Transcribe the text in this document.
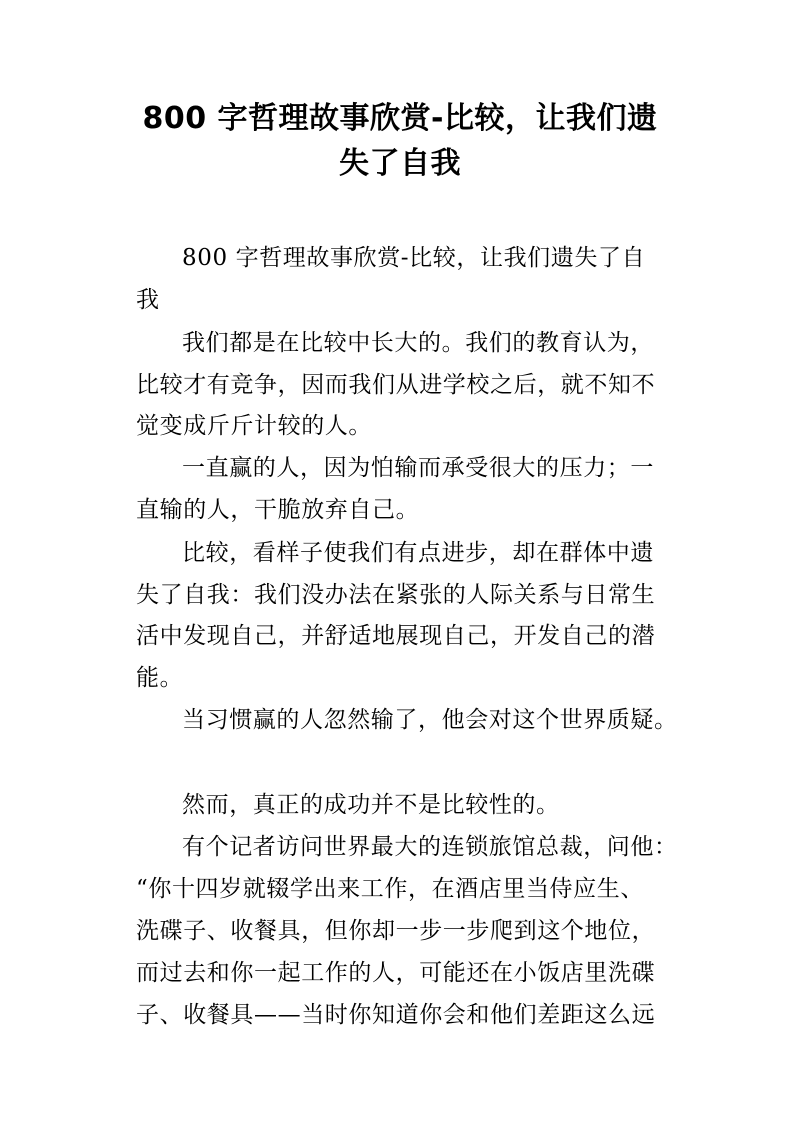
800 字哲理故事欣赏-比较，让我们遗
失了自我
800 字哲理故事欣赏-比较，让我们遗失了自
我
我们都是在比较中长大的。我们的教育认为，
比较才有竞争，因而我们从进学校之后，就不知不
觉变成斤斤计较的人。
一直赢的人，因为怕输而承受很大的压力；一
直输的人，干脆放弃自己。
比较，看样子使我们有点进步，却在群体中遗
失了自我：我们没办法在紧张的人际关系与日常生
活中发现自己，并舒适地展现自己，开发自己的潜
能。
当习惯赢的人忽然输了，他会对这个世界质疑。
然而，真正的成功并不是比较性的。
有个记者访问世界最大的连锁旅馆总裁，问他：
“你十四岁就辍学出来工作，在酒店里当侍应生、
洗碟子、收餐具，但你却一步一步爬到这个地位，
而过去和你一起工作的人，可能还在小饭店里洗碟
子、收餐具——当时你知道你会和他们差距这么远
